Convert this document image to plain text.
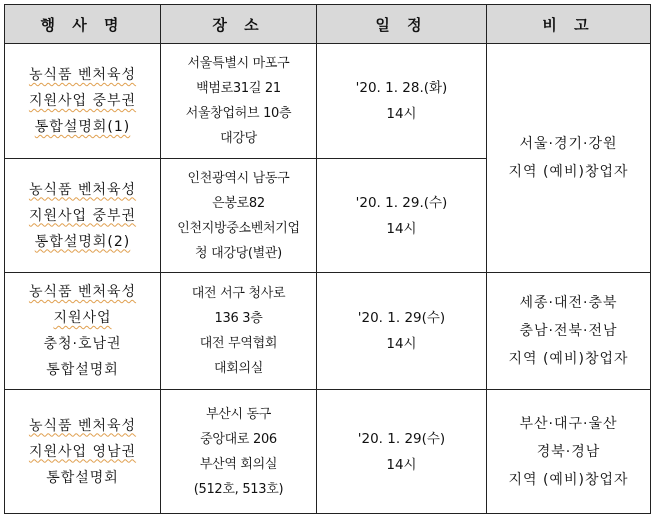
행 사 명	장 소	일 정	비 고

농식품 벤처육성
지원사업 중부권
통합설명회(1)	서울특별시 마포구
백범로31길 21
서울창업허브 10층
대강당	'20. 1. 28.(화)
14시	서울·경기·강원
지역 (예비)창업자

농식품 벤처육성
지원사업 중부권
통합설명회(2)	인천광역시 남동구
은봉로82
인천지방중소벤처기업
청 대강당(별관)	'20. 1. 29.(수)
14시	

농식품 벤처육성
지원사업
충청·호남권
통합설명회	대전 서구 청사로
136 3층
대전 무역협회
대회의실	'20. 1. 29(수)
14시	세종·대전·충북
충남·전북·전남
지역 (예비)창업자

농식품 벤처육성
지원사업 영남권
통합설명회	부산시 동구
중앙대로 206
부산역 회의실
(512호, 513호)	'20. 1. 29(수)
14시	부산·대구·울산
경북·경남
지역 (예비)창업자
